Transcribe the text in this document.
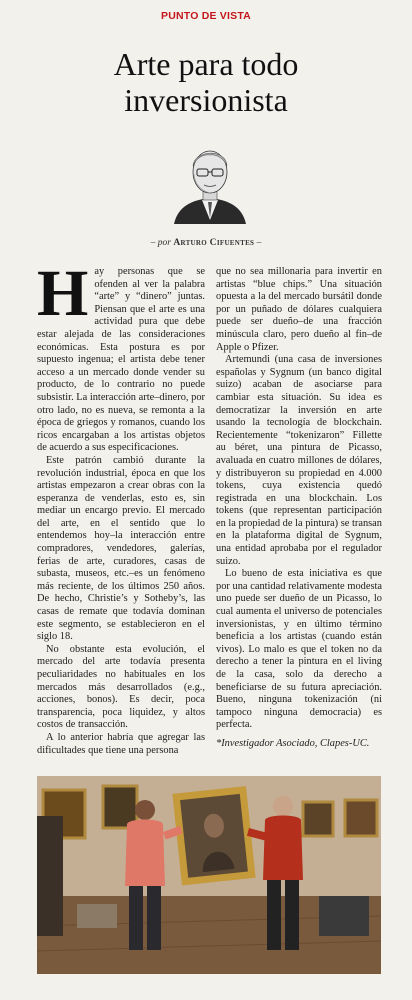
PUNTO DE VISTA
Arte para todo
inversionista
– por Arturo Cifuentes –

Hay personas que se ofenden al ver la palabra “arte” y “dinero” juntas. Piensan que el arte es una actividad pura que debe estar alejada de las consideraciones económicas. Esta postura es por supuesto ingenua; el artista debe tener acceso a un mercado donde vender su producto, de lo contrario no puede subsistir. La interacción arte–dinero, por otro lado, no es nueva, se remonta a la época de griegos y romanos, cuando los ricos encargaban a los artistas objetos de acuerdo a sus especificaciones.

Este patrón cambió durante la revolución industrial, época en que los artistas empezaron a crear obras con la esperanza de venderlas, esto es, sin mediar un encargo previo. El mercado del arte, en el sentido que lo entendemos hoy–la interacción entre compradores, vendedores, galerías, ferias de arte, curadores, casas de subasta, museos, etc.–es un fenómeno más reciente, de los últimos 250 años. De hecho, Christie’s y Sotheby’s, las casas de remate que todavía dominan este segmento, se establecieron en el siglo 18.

No obstante esta evolución, el mercado del arte todavía presenta peculiaridades no habituales en los mercados más desarrollados (e.g., acciones, bonos). Es decir, poca transparencia, poca liquidez, y altos costos de transacción.

A lo anterior habría que agregar las dificultades que tiene una persona

que no sea millonaria para invertir en artistas “blue chips.” Una situación opuesta a la del mercado bursátil donde por un puñado de dólares cualquiera puede ser dueño–de una fracción minúscula claro, pero dueño al fin–de Apple o Pfizer.

Artemundi (una casa de inversiones españolas y Sygnum (un banco digital suizo) acaban de asociarse para cambiar esta situación. Su idea es democratizar la inversión en arte usando la tecnología de blockchain. Recientemente “tokenizaron” Fillette au béret, una pintura de Picasso, avaluada en cuatro millones de dólares, y distribuyeron su propiedad en 4.000 tokens, cuya existencia quedó registrada en una blockchain. Los tokens (que representan participación en la propiedad de la pintura) se transan en la plataforma digital de Sygnum, una entidad aprobaba por el regulador suizo.

Lo bueno de esta iniciativa es que por una cantidad relativamente modesta uno puede ser dueño de un Picasso, lo cual aumenta el universo de potenciales inversionistas, y en último término beneficia a los artistas (cuando están vivos). Lo malo es que el token no da derecho a tener la pintura en el living de la casa, solo da derecho a beneficiarse de su futura apreciación. Bueno, ninguna tokenización (ni tampoco ninguna democracia) es perfecta.

*Investigador Asociado, Clapes-UC.
